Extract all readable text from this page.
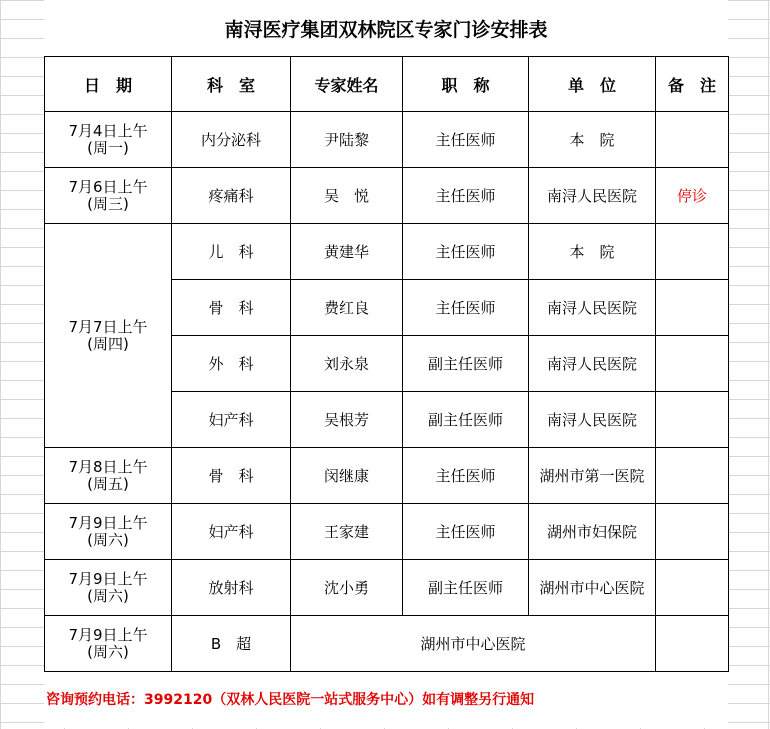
南浔医疗集团双林院区专家门诊安排表
日　期	科　室	专家姓名	职　称	单　位	备　注

7月4日上午
(周一)	内分泌科	尹陆黎	主任医师	本　院	

7月6日上午
(周三)	疼痛科	吴　悦	主任医师	南浔人民医院	停诊

7月7日上午
(周四)	儿　科	黄建华	主任医师	本　院	
	骨　科	费红良	主任医师	南浔人民医院	
	外　科	刘永泉	副主任医师	南浔人民医院	
	妇产科	吴根芳	副主任医师	南浔人民医院	

7月8日上午
(周五)	骨　科	闵继康	主任医师	湖州市第一医院	

7月9日上午
(周六)	妇产科	王家建	主任医师	湖州市妇保院	

7月9日上午
(周六)	放射科	沈小勇	副主任医师	湖州市中心医院	

7月9日上午
(周六)	B　超	湖州市中心医院			
咨询预约电话：3992120（双林人民医院一站式服务中心）如有调整另行通知
